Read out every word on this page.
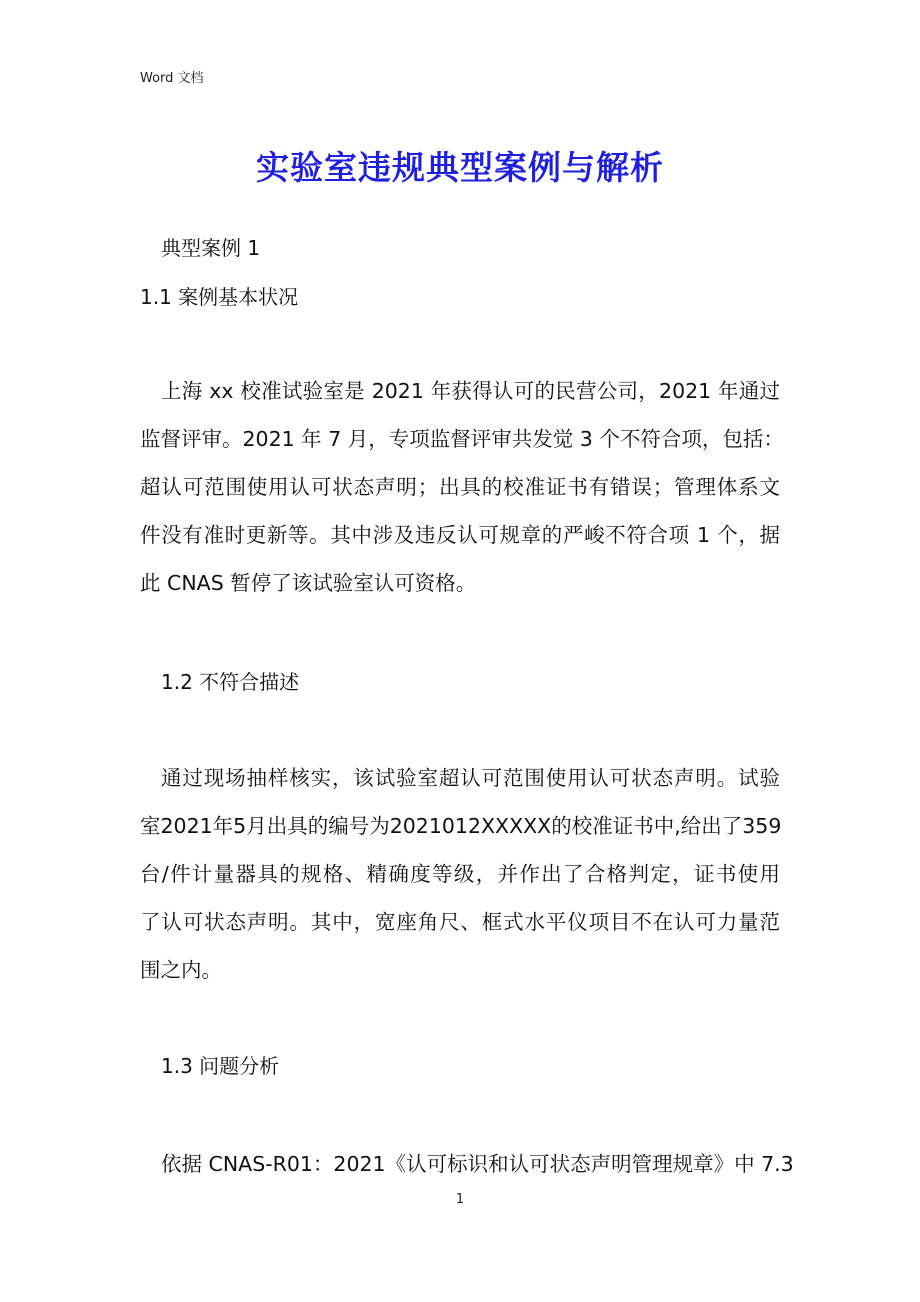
Word 文档
实验室违规典型案例与解析
典型案例 1
1.1 案例基本状况
上海 xx 校准试验室是 2021 年获得认可的民营公司，2021 年通过
监督评审。2021 年 7 月，专项监督评审共发觉 3 个不符合项，包括：
超认可范围使用认可状态声明；出具的校准证书有错误；管理体系文
件没有准时更新等。其中涉及违反认可规章的严峻不符合项 1 个，据
此 CNAS 暂停了该试验室认可资格。
1.2 不符合描述
通过现场抽样核实，该试验室超认可范围使用认可状态声明。试验
室2021年5月出具的编号为2021012XXXXX的校准证书中,给出了359
台/件计量器具的规格、精确度等级，并作出了合格判定，证书使用
了认可状态声明。其中，宽座角尺、框式水平仪项目不在认可力量范
围之内。
1.3 问题分析
依据 CNAS-R01：2021《认可标识和认可状态声明管理规章》中 7.3
1
